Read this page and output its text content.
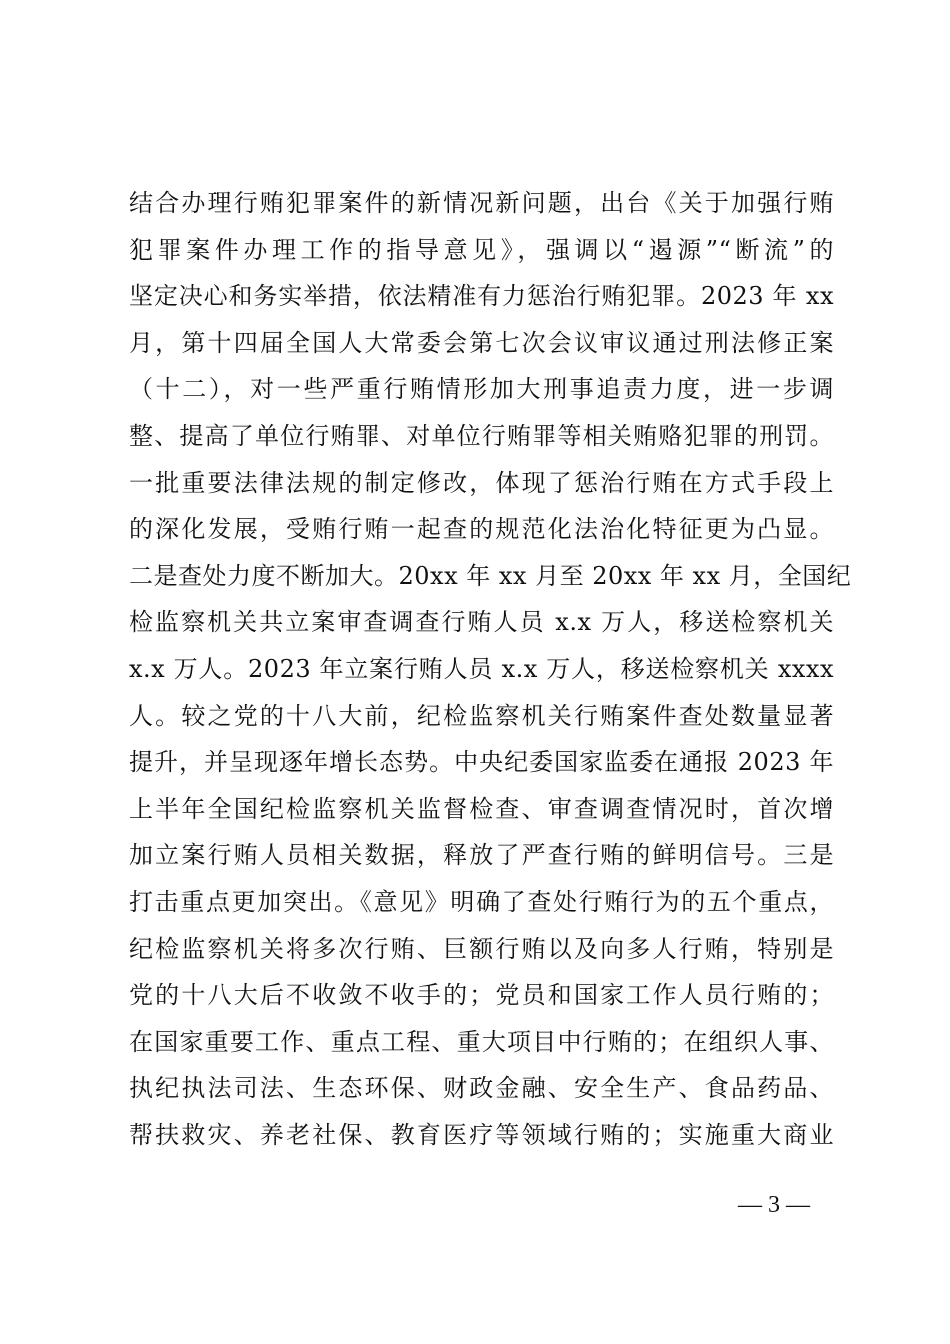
结合办理行贿犯罪案件的新情况新问题，出台《关于加强行贿
犯罪案件办理工作的指导意见》，强调以“遏源”“断流”的
坚定决心和务实举措，依法精准有力惩治行贿犯罪。2023 年 xx
月，第十四届全国人大常委会第七次会议审议通过刑法修正案
（十二），对一些严重行贿情形加大刑事追责力度，进一步调
整、提高了单位行贿罪、对单位行贿罪等相关贿赂犯罪的刑罚。
一批重要法律法规的制定修改，体现了惩治行贿在方式手段上
的深化发展，受贿行贿一起查的规范化法治化特征更为凸显。
二是查处力度不断加大。20xx 年 xx 月至 20xx 年 xx 月，全国纪
检监察机关共立案审查调查行贿人员 x.x 万人，移送检察机关
x.x 万人。2023 年立案行贿人员 x.x 万人，移送检察机关 xxxx
人。较之党的十八大前，纪检监察机关行贿案件查处数量显著
提升，并呈现逐年增长态势。中央纪委国家监委在通报 2023 年
上半年全国纪检监察机关监督检查、审查调查情况时，首次增
加立案行贿人员相关数据，释放了严查行贿的鲜明信号。三是
打击重点更加突出。《意见》明确了查处行贿行为的五个重点，
纪检监察机关将多次行贿、巨额行贿以及向多人行贿，特别是
党的十八大后不收敛不收手的；党员和国家工作人员行贿的；
在国家重要工作、重点工程、重大项目中行贿的；在组织人事、
执纪执法司法、生态环保、财政金融、安全生产、食品药品、
帮扶救灾、养老社保、教育医疗等领域行贿的；实施重大商业
— 3 —
